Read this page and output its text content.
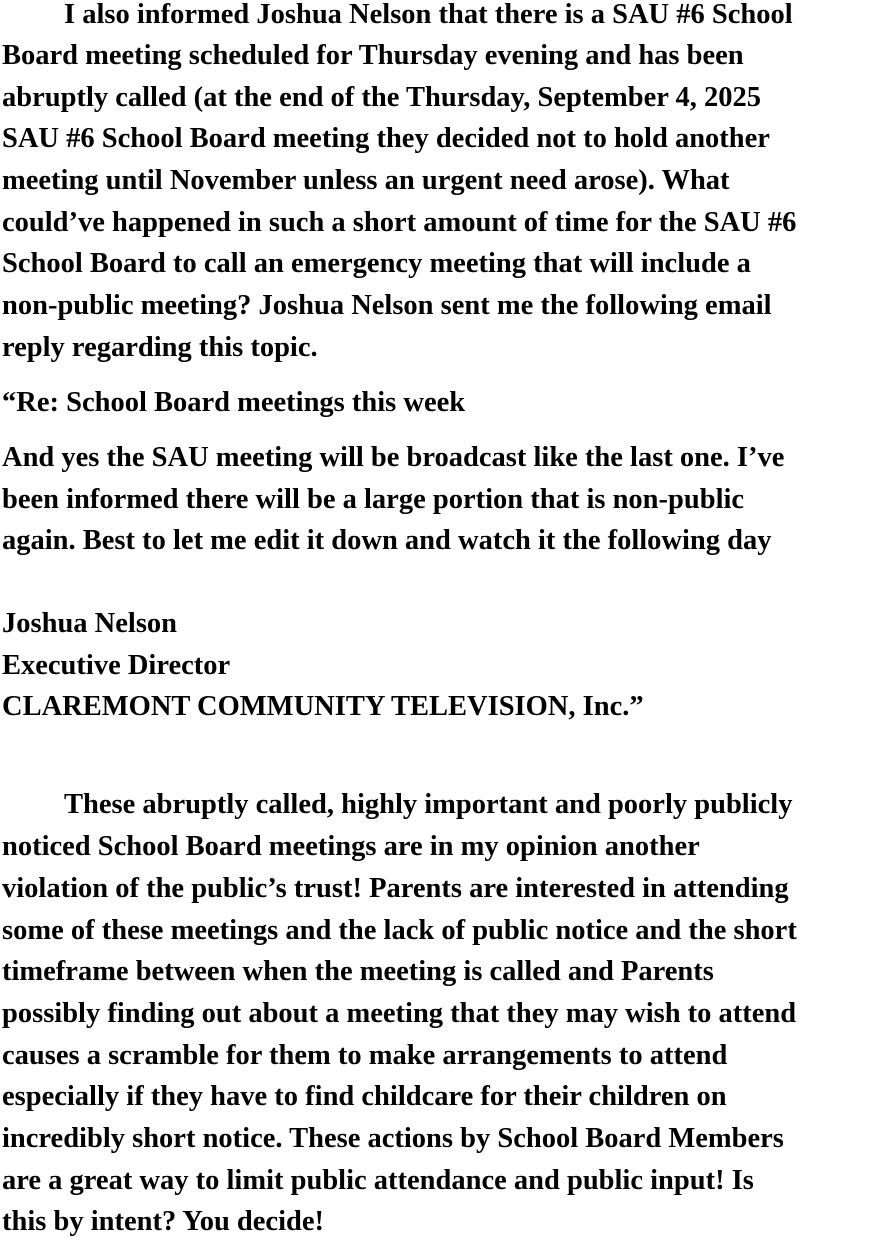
I also informed Joshua Nelson that there is a SAU #6 School
Board meeting scheduled for Thursday evening and has been
abruptly called (at the end of the Thursday, September 4, 2025
SAU #6 School Board meeting they decided not to hold another
meeting until November unless an urgent need arose). What
could’ve happened in such a short amount of time for the SAU #6
School Board to call an emergency meeting that will include a
non-public meeting? Joshua Nelson sent me the following email
reply regarding this topic.
“Re: School Board meetings this week
And yes the SAU meeting will be broadcast like the last one. I’ve
been informed there will be a large portion that is non-public
again. Best to let me edit it down and watch it the following day
Joshua Nelson
Executive Director
CLAREMONT COMMUNITY TELEVISION, Inc.”
These abruptly called, highly important and poorly publicly
noticed School Board meetings are in my opinion another
violation of the public’s trust! Parents are interested in attending
some of these meetings and the lack of public notice and the short
timeframe between when the meeting is called and Parents
possibly finding out about a meeting that they may wish to attend
causes a scramble for them to make arrangements to attend
especially if they have to find childcare for their children on
incredibly short notice. These actions by School Board Members
are a great way to limit public attendance and public input! Is
this by intent? You decide!
